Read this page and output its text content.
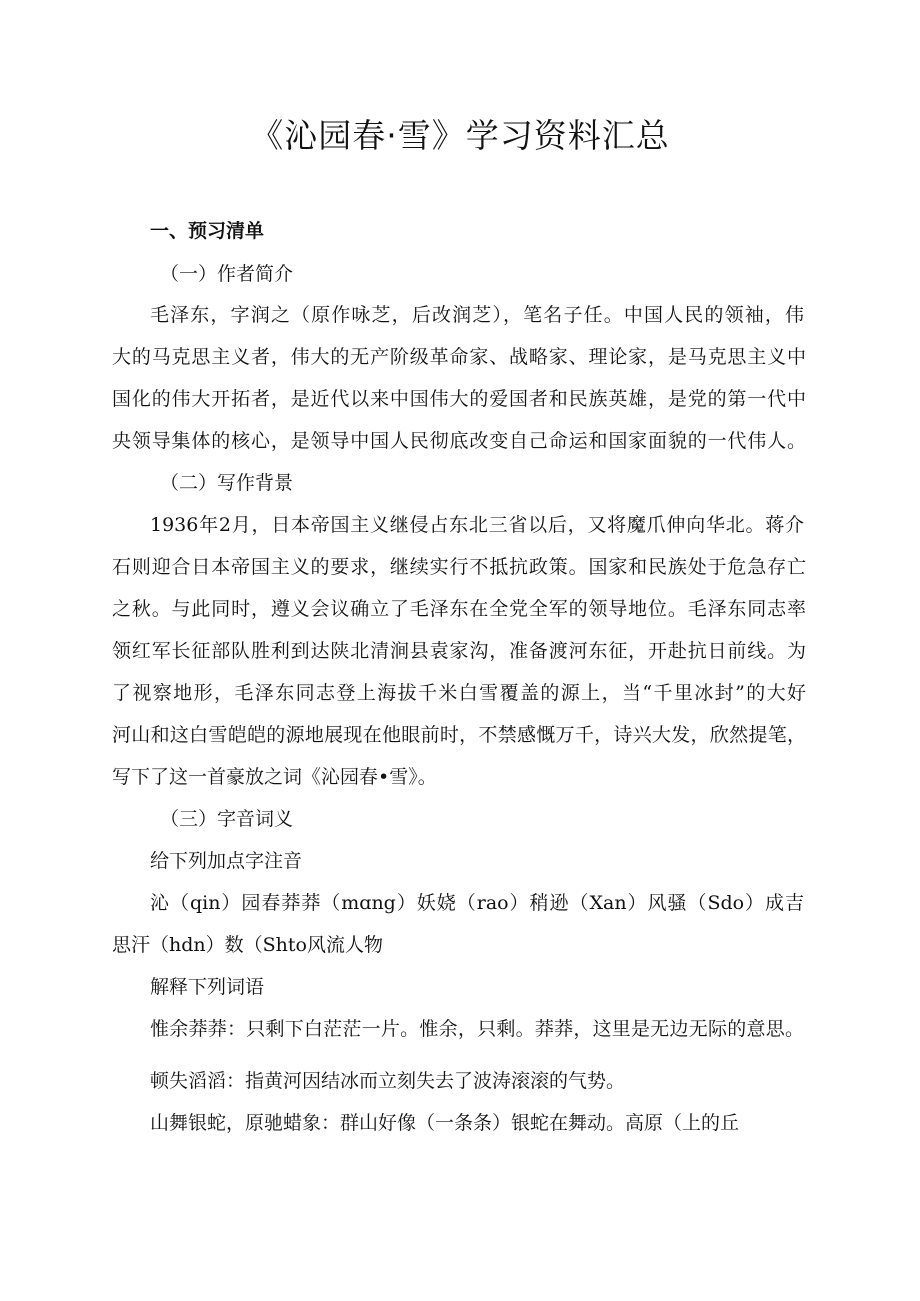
《沁园春·雪》学习资料汇总

一、预习清单

（一）作者简介

毛泽东，字润之（原作咏芝，后改润芝），笔名子任。中国人民的领袖，伟

大的马克思主义者，伟大的无产阶级革命家、战略家、理论家，是马克思主义中

国化的伟大开拓者，是近代以来中国伟大的爱国者和民族英雄，是党的第一代中

央领导集体的核心，是领导中国人民彻底改变自己命运和国家面貌的一代伟人。

（二）写作背景

1936年2月，日本帝国主义继侵占东北三省以后，又将魔爪伸向华北。蒋介

石则迎合日本帝国主义的要求，继续实行不抵抗政策。国家和民族处于危急存亡

之秋。与此同时，遵义会议确立了毛泽东在全党全军的领导地位。毛泽东同志率

领红军长征部队胜利到达陕北清涧县袁家沟，准备渡河东征，开赴抗日前线。为

了视察地形，毛泽东同志登上海拔千米白雪覆盖的源上，当“千里冰封”的大好

河山和这白雪皑皑的源地展现在他眼前时，不禁感慨万千，诗兴大发，欣然提笔，

写下了这一首豪放之词《沁园春•雪》。

（三）字音词义

给下列加点字注音

沁（qin）园春莽莽（mɑng）妖娆（rao）稍逊（Xan）风骚（Sdo）成吉

思汗（hdn）数（Shto风流人物

解释下列词语

惟余莽莽：只剩下白茫茫一片。惟余，只剩。莽莽，这里是无边无际的意思。

顿失滔滔：指黄河因结冰而立刻失去了波涛滚滚的气势。

山舞银蛇，原驰蜡象：群山好像（一条条）银蛇在舞动。高原（上的丘
